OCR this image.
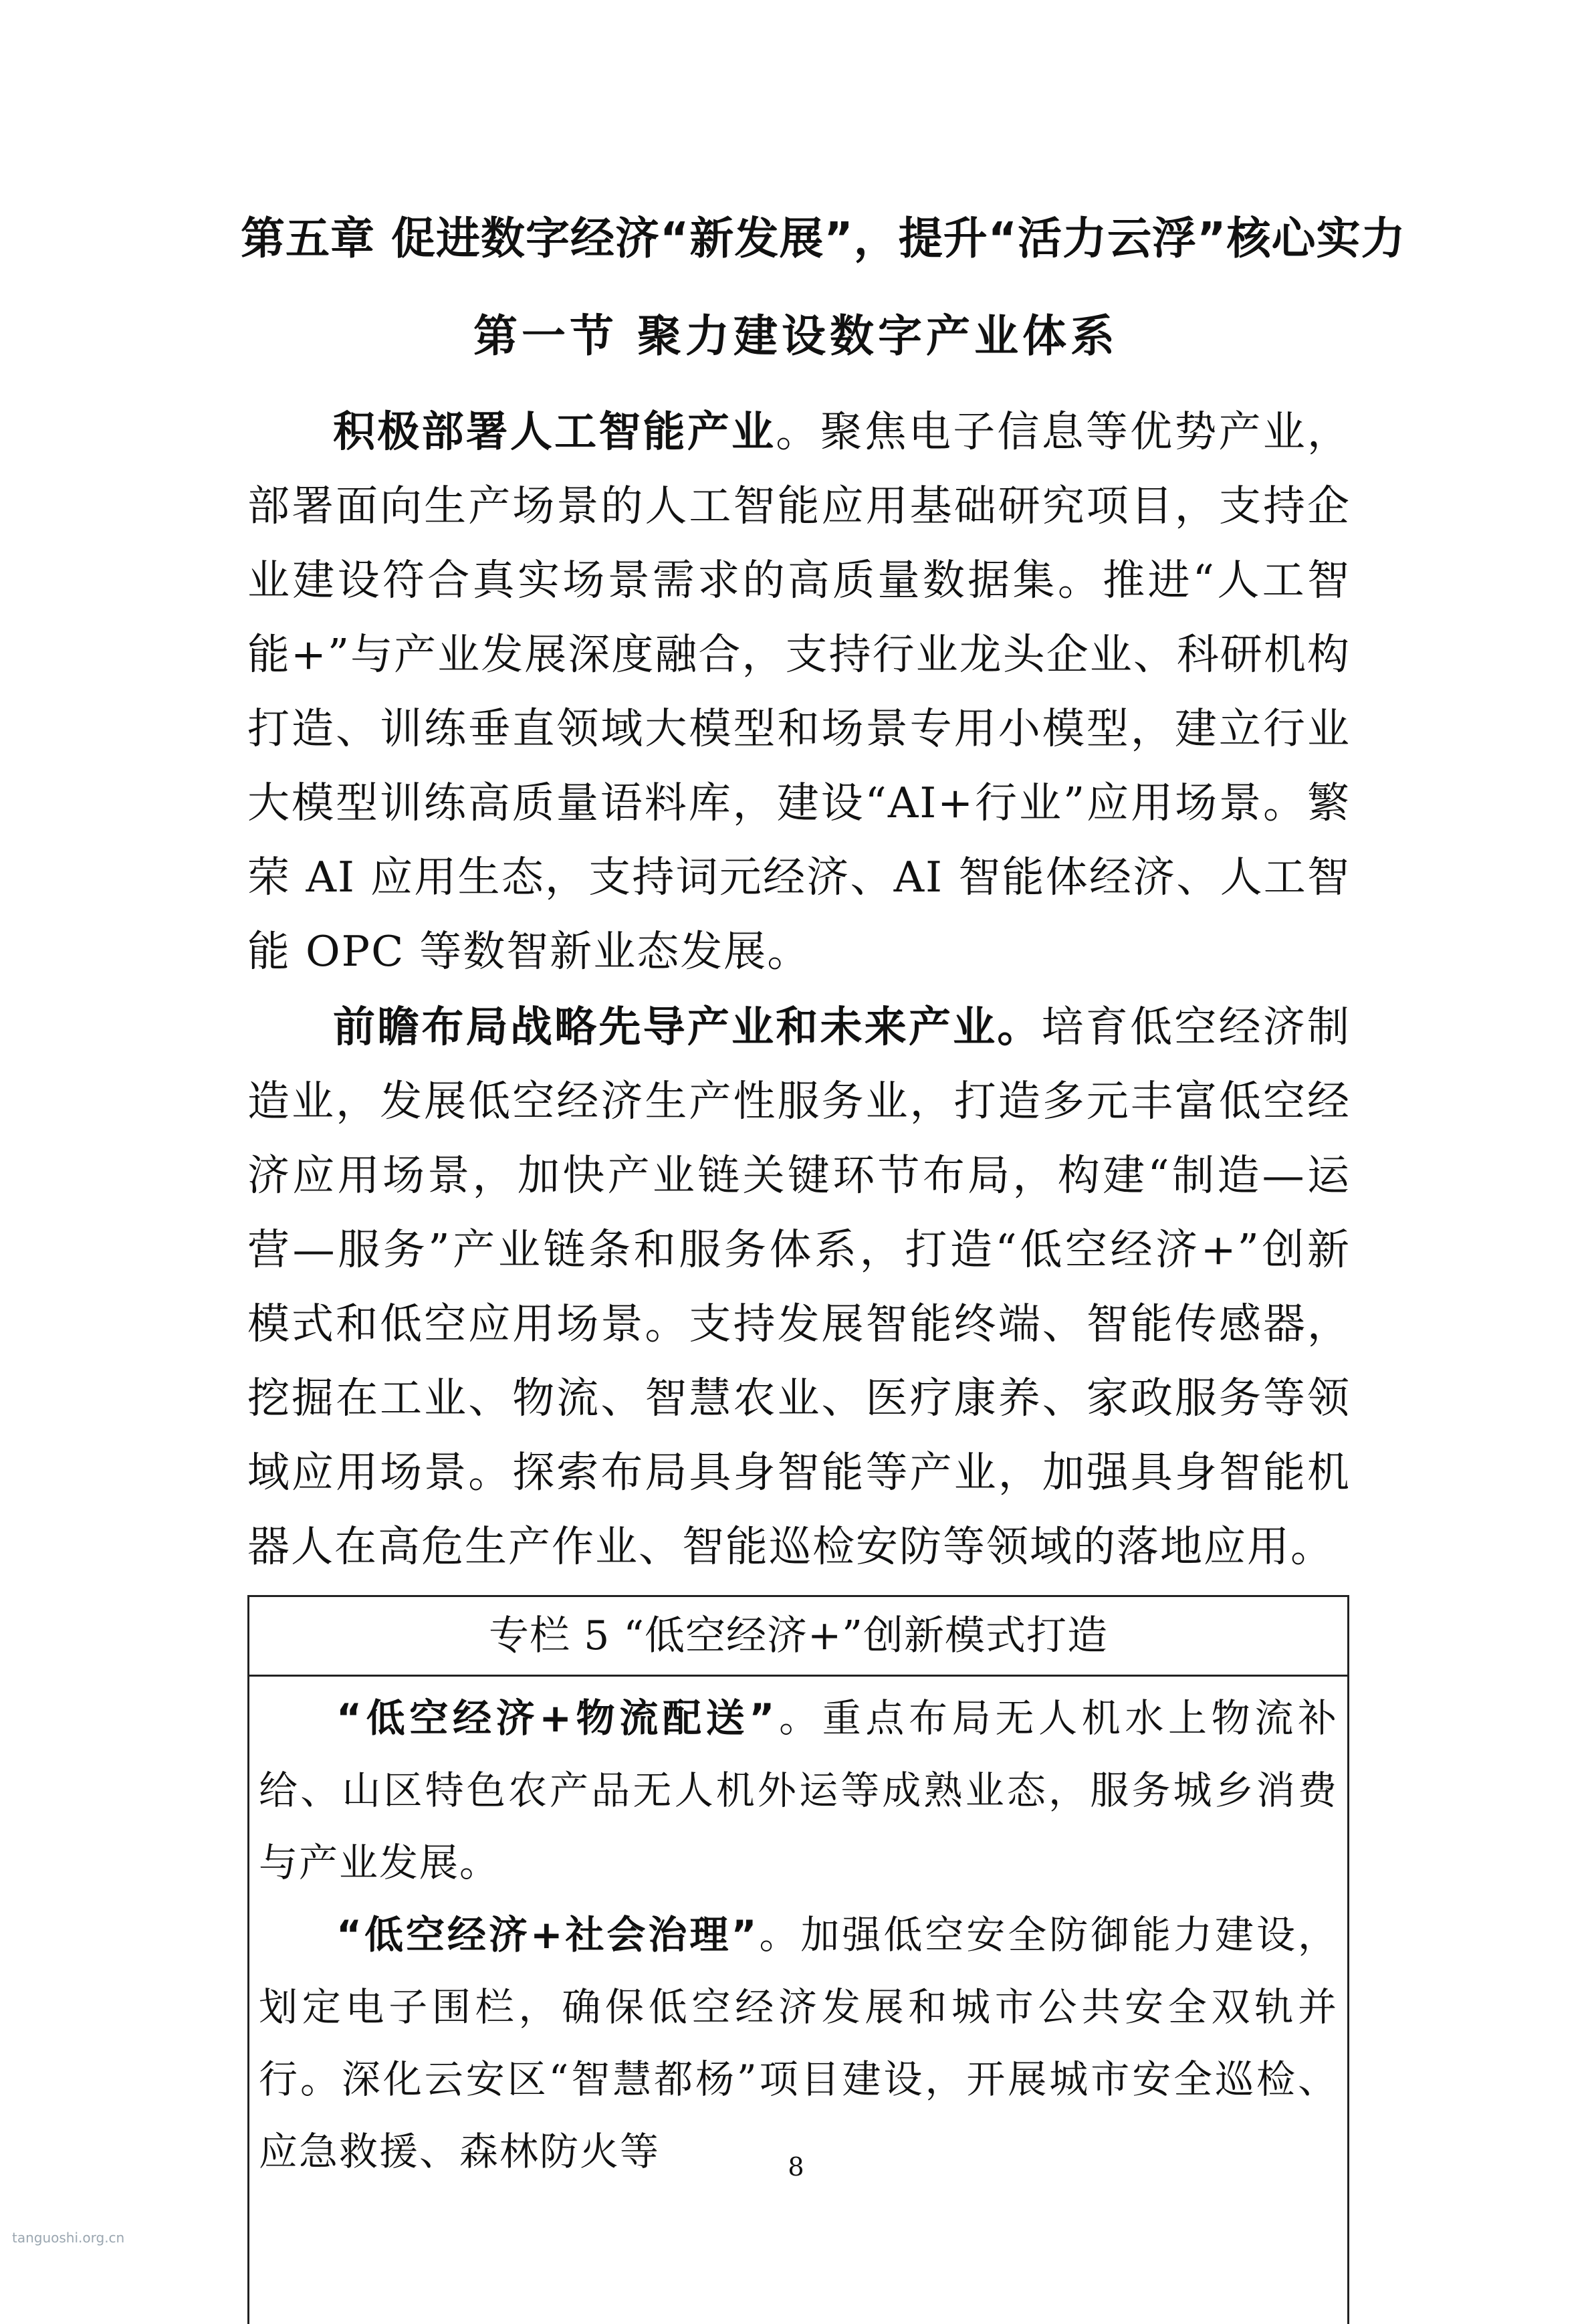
第五章 促进数字经济“新发展”，提升“活力云浮”核心实力
第一节 聚力建设数字产业体系

积极部署人工智能产业。聚焦电子信息等优势产业，部署面向生产场景的人工智能应用基础研究项目，支持企业建设符合真实场景需求的高质量数据集。推进“人工智能+”与产业发展深度融合，支持行业龙头企业、科研机构打造、训练垂直领域大模型和场景专用小模型，建立行业大模型训练高质量语料库，建设“AI+行业”应用场景。繁荣 AI 应用生态，支持词元经济、AI 智能体经济、人工智能 OPC 等数智新业态发展。

前瞻布局战略先导产业和未来产业。培育低空经济制造业，发展低空经济生产性服务业，打造多元丰富低空经济应用场景，加快产业链关键环节布局，构建“制造—运营—服务”产业链条和服务体系，打造“低空经济+”创新模式和低空应用场景。支持发展智能终端、智能传感器，挖掘在工业、物流、智慧农业、医疗康养、家政服务等领域应用场景。探索布局具身智能等产业，加强具身智能机器人在高危生产作业、智能巡检安防等领域的落地应用。

专栏 5 “低空经济+”创新模式打造

“低空经济+物流配送”。重点布局无人机水上物流补给、山区特色农产品无人机外运等成熟业态，服务城乡消费与产业发展。

“低空经济+社会治理”。加强低空安全防御能力建设，划定电子围栏，确保低空经济发展和城市公共安全双轨并行。深化云安区“智慧都杨”项目建设，开展城市安全巡检、应急救援、森林防火等	8
tanguoshi.org.cn
